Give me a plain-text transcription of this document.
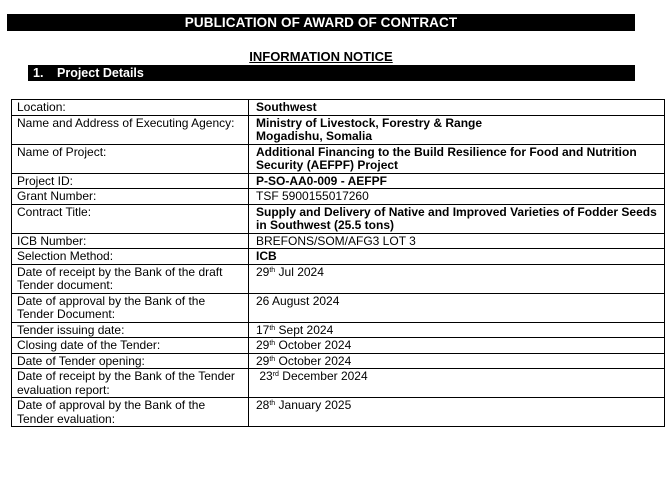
PUBLICATION OF AWARD OF CONTRACT
INFORMATION NOTICE
1.	Project Details
Location:	Southwest
Name and Address of Executing Agency:	Ministry of Livestock, Forestry & Range
Mogadishu, Somalia

Name of Project:	Additional Financing to the Build Resilience for Food and Nutrition Security (AEFPF) Project
Project ID:	P-SO-AA0-009 - AEFPF
Grant Number:	TSF 5900155017260
Contract Title:	Supply and Delivery of Native and Improved Varieties of Fodder Seeds in Southwest (25.5 tons)
ICB Number:	BREFONS/SOM/AFG3 LOT 3
Selection Method:	ICB
Date of receipt by the Bank of the draft Tender document:	29th Jul 2024
Date of approval by the Bank of the Tender Document:	26 August 2024
Tender issuing date:	17th Sept 2024
Closing date of the Tender:	29th October 2024
Date of Tender opening:	29th October 2024
Date of receipt by the Bank of the Tender evaluation report:	23rd December 2024
Date of approval by the Bank of the Tender evaluation:	28th January 2025
